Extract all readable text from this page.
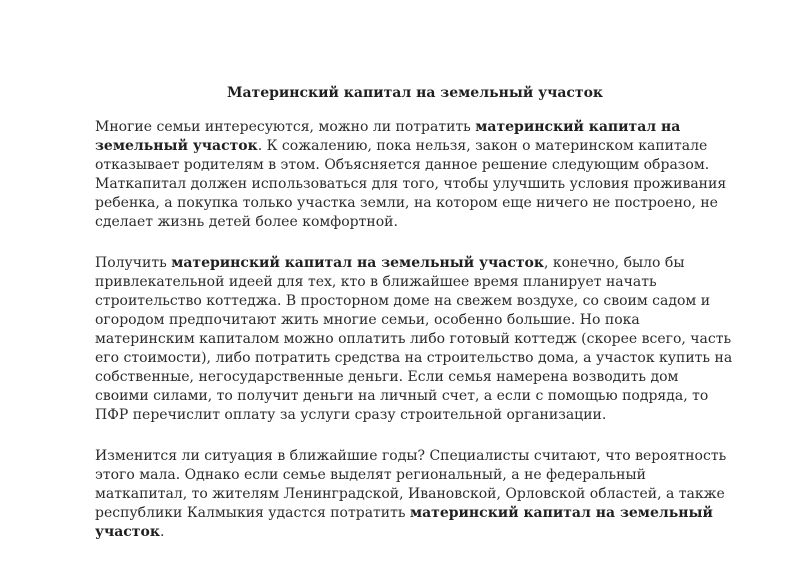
Материнский капитал на земельный участок

Многие семьи интересуются, можно ли потратить материнский капитал на земельный участок. К сожалению, пока нельзя, закон о материнском капитале отказывает родителям в этом. Объясняется данное решение следующим образом. Маткапитал должен использоваться для того, чтобы улучшить условия проживания ребенка, а покупка только участка земли, на котором еще ничего не построено, не сделает жизнь детей более комфортной.

Получить материнский капитал на земельный участок, конечно, было бы привлекательной идеей для тех, кто в ближайшее время планирует начать строительство коттеджа. В просторном доме на свежем воздухе, со своим садом и огородом предпочитают жить многие семьи, особенно большие. Но пока материнским капиталом можно оплатить либо готовый коттедж (скорее всего, часть его стоимости), либо потратить средства на строительство дома, а участок купить на собственные, негосударственные деньги. Если семья намерена возводить дом своими силами, то получит деньги на личный счет, а если с помощью подряда, то ПФР перечислит оплату за услуги сразу строительной организации.

Изменится ли ситуация в ближайшие годы? Специалисты считают, что вероятность этого мала. Однако если семье выделят региональный, а не федеральный маткапитал, то жителям Ленинградской, Ивановской, Орловской областей, а также республики Калмыкия удастся потратить материнский капитал на земельный участок.
